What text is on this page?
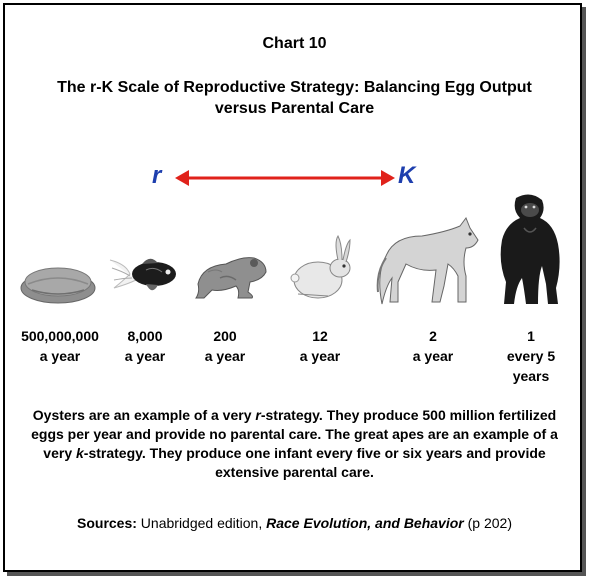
Chart 10
The r-K Scale of Reproductive Strategy: Balancing Egg Output versus Parental Care
r	K
500,000,000
a year
8,000
a year
200
a year
12
a year
2
a year
1
every 5
years
Oysters are an example of a very r-strategy. They produce 500 million fertilized eggs per year and provide no parental care. The great apes are an example of a very k-strategy. They produce one infant every five or six years and provide extensive parental care.
Sources: Unabridged edition, Race Evolution, and Behavior (p 202)
